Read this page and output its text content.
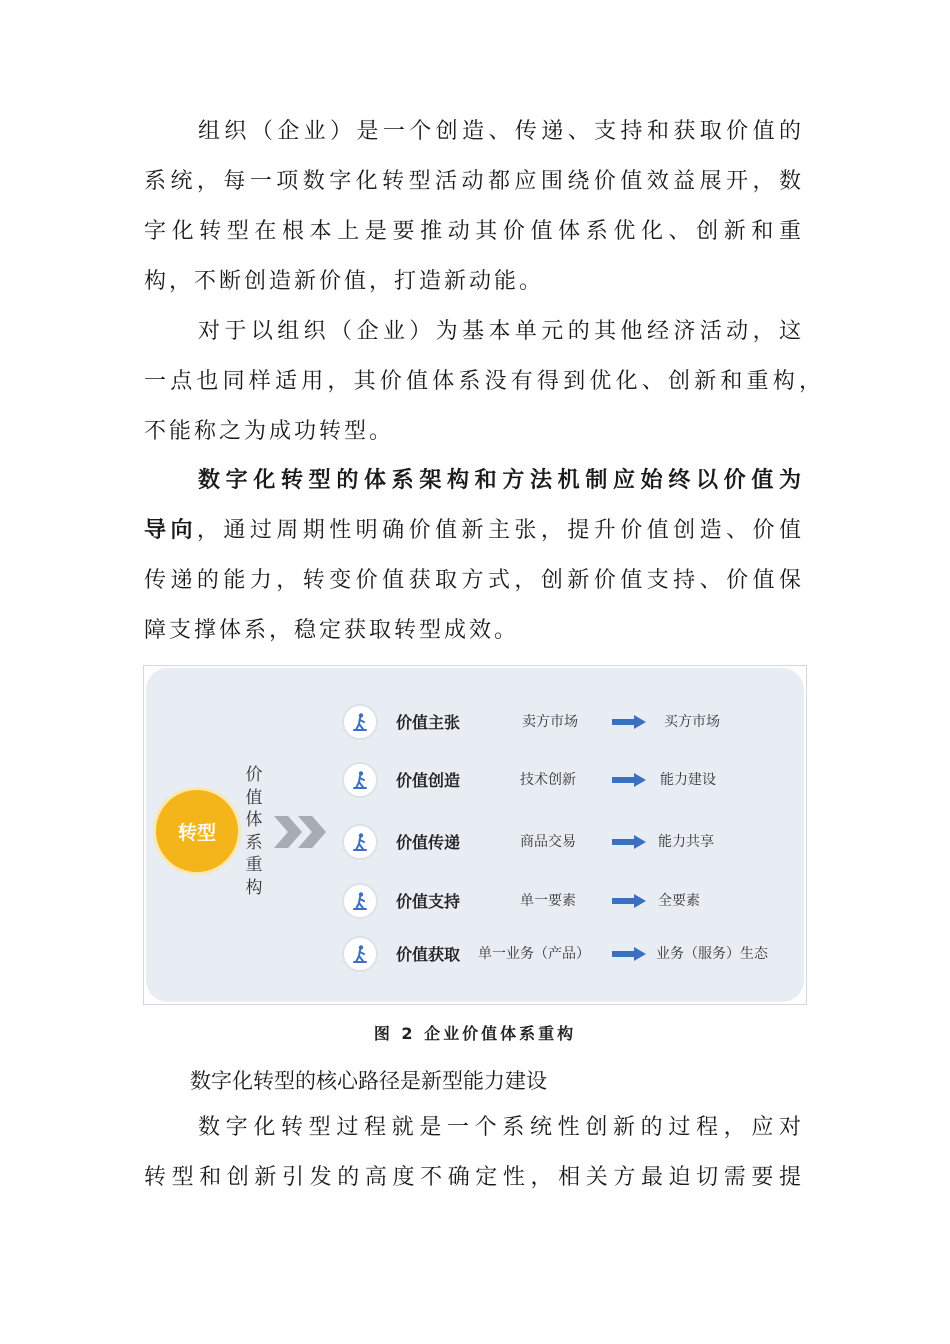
组织（企业）是一个创造、传递、支持和获取价值的
系统，每一项数字化转型活动都应围绕价值效益展开，数
字化转型在根本上是要推动其价值体系优化、创新和重
构，不断创造新价值，打造新动能。
对于以组织（企业）为基本单元的其他经济活动，这
一点也同样适用，其价值体系没有得到优化、创新和重构，
不能称之为成功转型。
数字化转型的体系架构和方法机制应始终以价值为
导向，通过周期性明确价值新主张，提升价值创造、价值
传递的能力，转变价值获取方式，创新价值支持、价值保
障支撑体系，稳定获取转型成效。
转型
价
值
体
系
重
构
价值主张	卖方市场	买方市场
价值创造	技术创新	能力建设
价值传递	商品交易	能力共享
价值支持	单一要素	全要素
价值获取 单一业务（产品）	业务（服务）生态
图 2 企业价值体系重构
数字化转型的核心路径是新型能力建设
数字化转型过程就是一个系统性创新的过程，应对
转型和创新引发的高度不确定性，相关方最迫切需要提
